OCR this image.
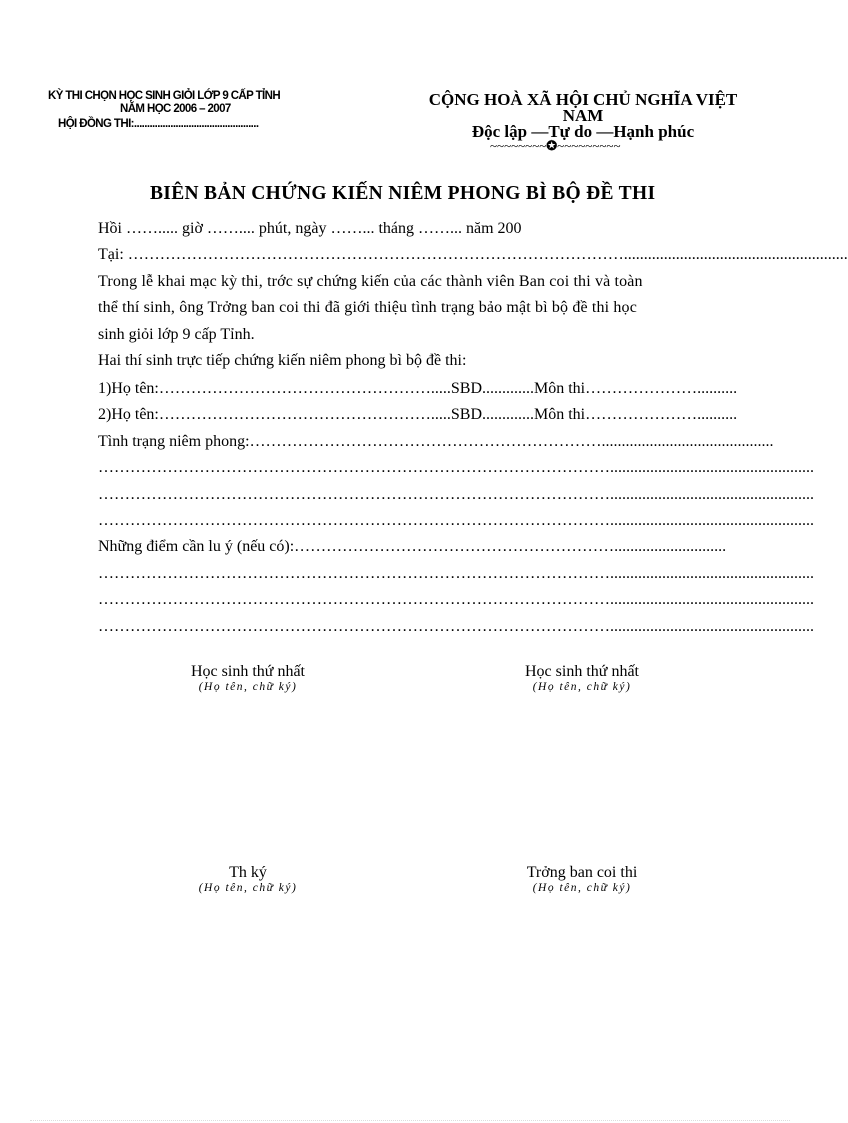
KỲ THI CHỌN HỌC SINH GIỎI LỚP 9 CẤP TỈNH
NĂM HỌC 2006 – 2007
HỘI ĐỒNG THI:................................................
CỘNG HOÀ XÃ HỘI CHỦ NGHĨA VIỆT
NAM
Độc lập —Tự do —Hạnh phúc
~~~~~~~~✪~~~~~~~~~
BIÊN BẢN CHỨNG KIẾN NIÊM PHONG BÌ BỘ ĐỀ THI
Hồi ……..... giờ …….... phút, ngày ……... tháng ……... năm 200
Tại: …………………………………………………………………………………........................................................
Trong lễ khai mạc kỳ thi, trớc sự chứng kiến của các thành viên Ban coi thi và toàn
thể thí sinh, ông Trởng ban coi thi đã giới thiệu tình trạng bảo mật bì bộ đề thi học
sinh giỏi lớp 9 cấp Tỉnh.
Hai thí sinh trực tiếp chứng kiến niêm phong bì bộ đề thi:
1)Họ tên:…………………………………………….....SBD.............Môn thi…………………..........
2)Họ tên:…………………………………………….....SBD.............Môn thi…………………..........
Tình trạng niêm phong:…………………………………………………………...........................................
……………………………………………………………………………………...................................................
……………………………………………………………………………………...................................................
……………………………………………………………………………………...................................................
Những điểm cần lu ý (nếu có):……………………………………………………............................
……………………………………………………………………………………...................................................
……………………………………………………………………………………...................................................
……………………………………………………………………………………...................................................
Học sinh thứ nhất
(Họ tên, chữ ký)
Học sinh thứ nhất
(Họ tên, chữ ký)
Th ký
(Họ tên, chữ ký)
Trởng ban coi thi
(Họ tên, chữ ký)
